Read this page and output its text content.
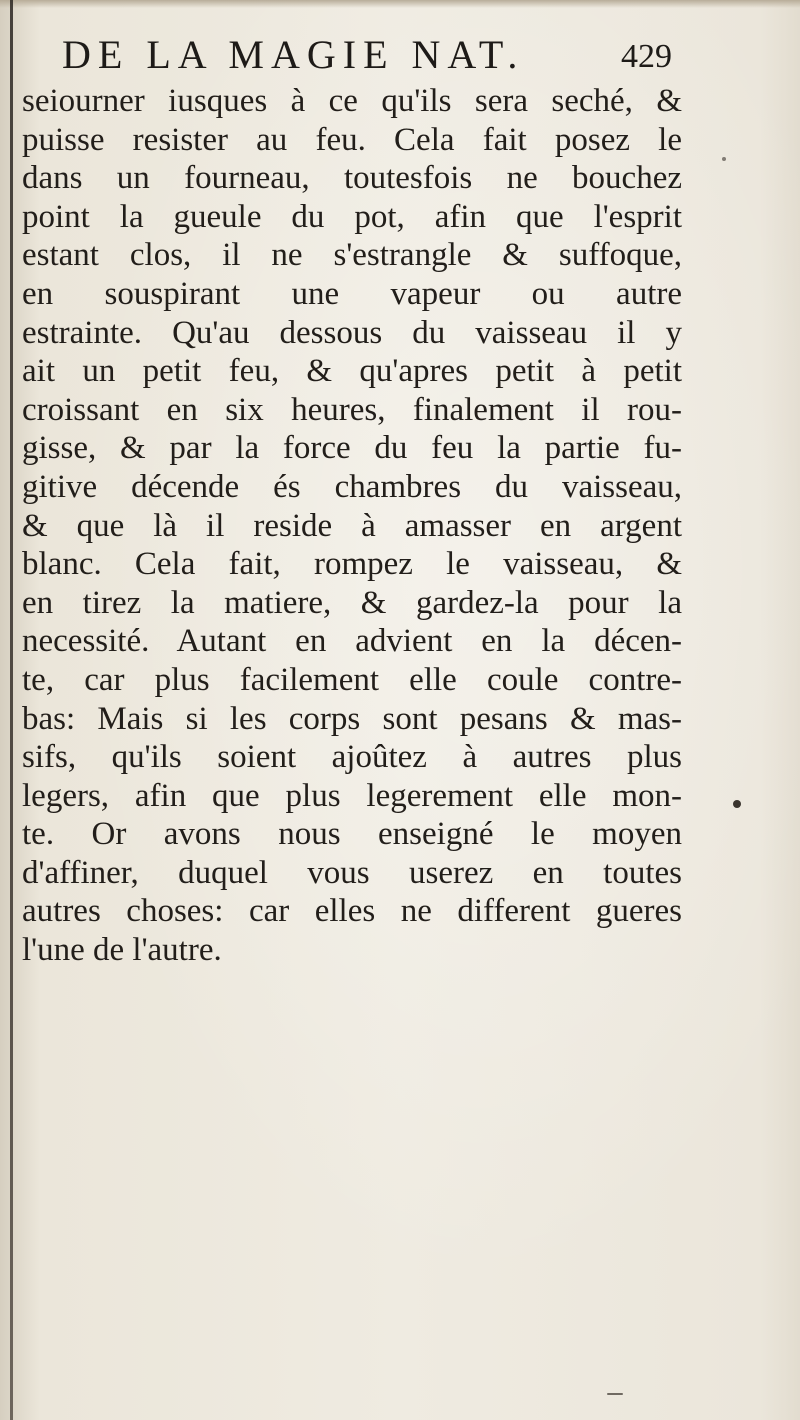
DE LA MAGIE NAT.	429
seiourner iusques à ce qu'ils sera seché, &
puisse resister au feu. Cela fait posez le
dans un fourneau, toutesfois ne bouchez
point la gueule du pot, afin que l'esprit
estant clos, il ne s'estrangle & suffoque,
en souspirant une vapeur ou autre
estrainte. Qu'au dessous du vaisseau il y
ait un petit feu, & qu'apres petit à petit
croissant en six heures, finalement il rou-
gisse, & par la force du feu la partie fu-
gitive décende és chambres du vaisseau,
& que là il reside à amasser en argent
blanc. Cela fait, rompez le vaisseau, &
en tirez la matiere, & gardez-la pour la
necessité. Autant en advient en la décen-
te, car plus facilement elle coule contre-
bas: Mais si les corps sont pesans & mas-
sifs, qu'ils soient ajoûtez à autres plus
legers, afin que plus legerement elle mon-
te. Or avons nous enseigné le moyen
d'affiner, duquel vous userez en toutes
autres choses: car elles ne different gueres
l'une de l'autre.
